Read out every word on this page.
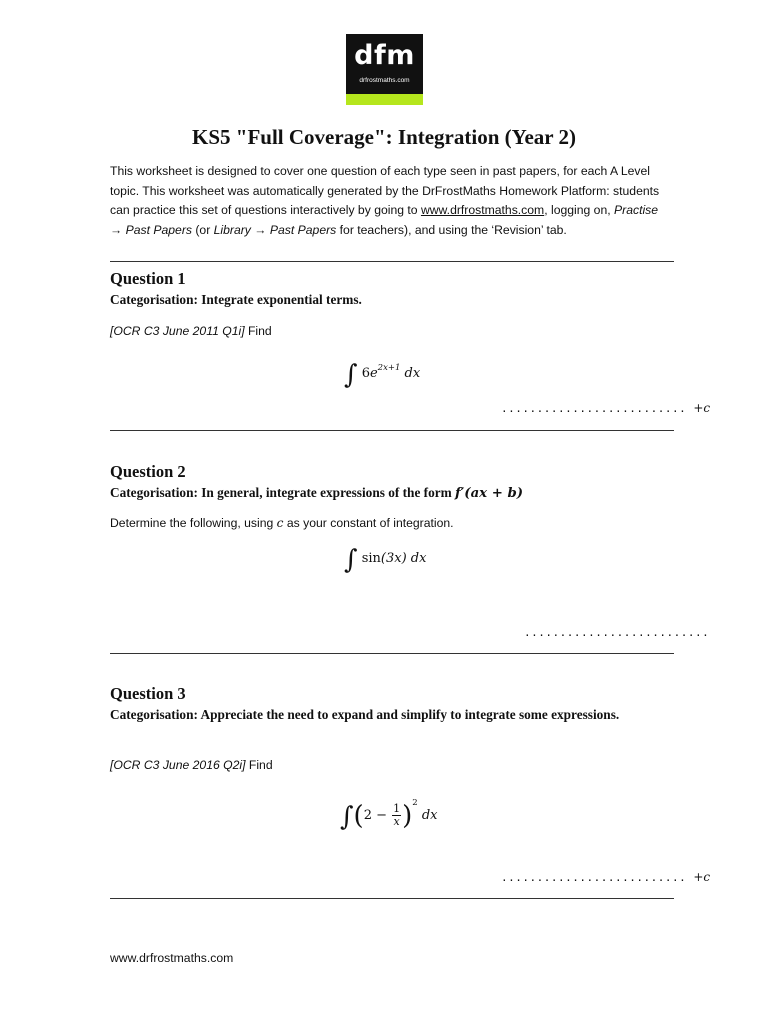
dfm
drfrostmaths.com
KS5 "Full Coverage": Integration (Year 2)
This worksheet is designed to cover one question of each type seen in past papers, for each A Level topic. This worksheet was automatically generated by the DrFrostMaths Homework Platform: students can practice this set of questions interactively by going to www.drfrostmaths.com, logging on, Practise → Past Papers (or Library → Past Papers for teachers), and using the ‘Revision’ tab.
Question 1
Categorisation: Integrate exponential terms.
[OCR C3 June 2011 Q1i] Find
∫ $6e^{2x+1}$ dx
.......................... +c
Question 2
Categorisation: In general, integrate expressions of the form f′(ax + b)
Determine the following, using c as your constant of integration.
∫ sin(3x) dx
..........................
Question 3
Categorisation: Appreciate the need to expand and simplify to integrate some expressions.
[OCR C3 June 2016 Q2i] Find
$\int(2 - \frac{1}{x} )^2$ dx
.......................... +c
www.drfrostmaths.com
